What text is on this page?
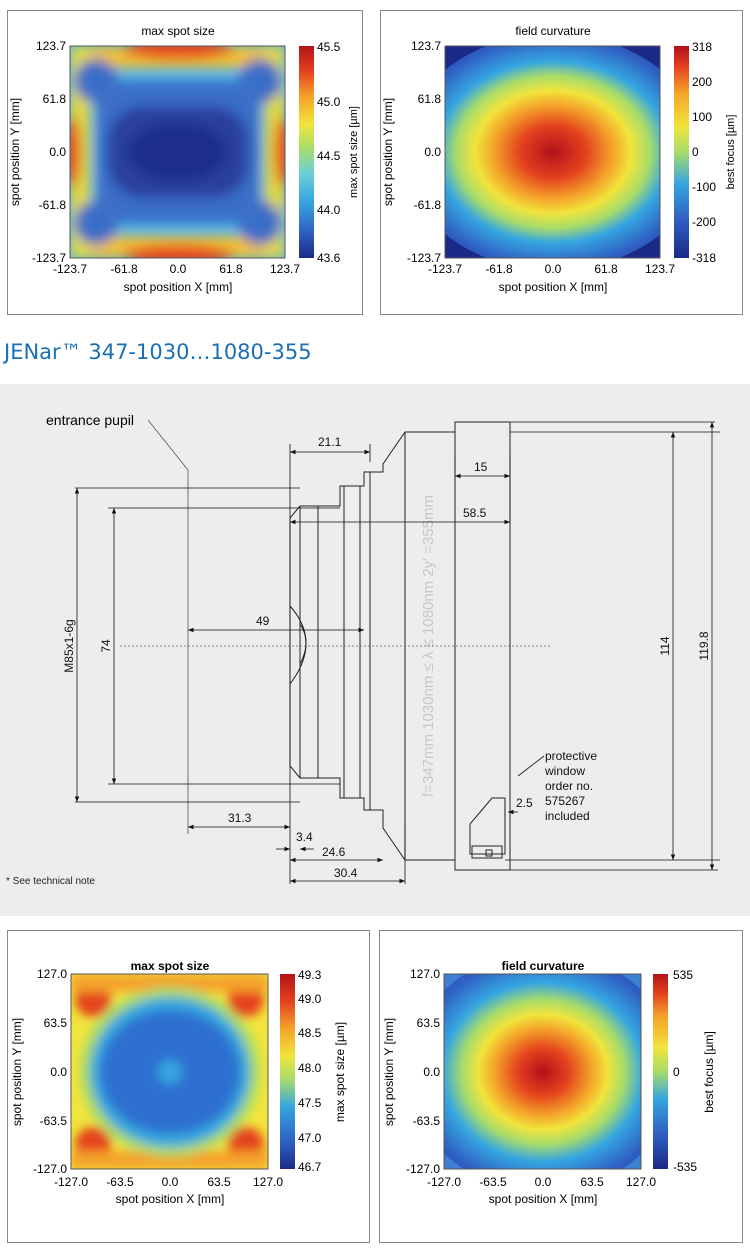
max spot size
123.7
61.8
0.0
-61.8
-123.7
-123.7 -61.8	0.0	61.8 123.7
spot position X [mm]
spot position Y [mm]
45.5
45.0
44.5
44.0
43.6
max spot size [µm]
field curvature
123.7
61.8
0.0
-61.8
-123.7
-123.7 -61.8	0.0	61.8 123.7
spot position X [mm]
spot position Y [mm]
318
200
100
0
-100
-200
-318
best focus [µm]
JENar™ 347-1030…1080-355
f=347mm 1030nm ≤ λ ≤ 1080nm 2y' =355mm
entrance pupil
21.1
15
58.5
49
31.3
3.4
24.6
30.4
2.5
74
M85x1-6g	114 119.8
protective
window
order no.
575267
included
* See technical note
max spot size
127.0
63.5
0.0
-63.5
-127.0
-127.0 -63.5 0.0 63.5 127.0
spot position X [mm]
spot position Y [mm]
49.3
49.0
48.5
48.0
47.5
47.0
46.7
max spot size [µm]
field curvature
127.0
63.5
0.0
-63.5
-127.0
-127.0 -63.5 0.0 63.5 127.0
spot position X [mm]
spot position Y [mm]
535
0
-535
best focus [µm]
